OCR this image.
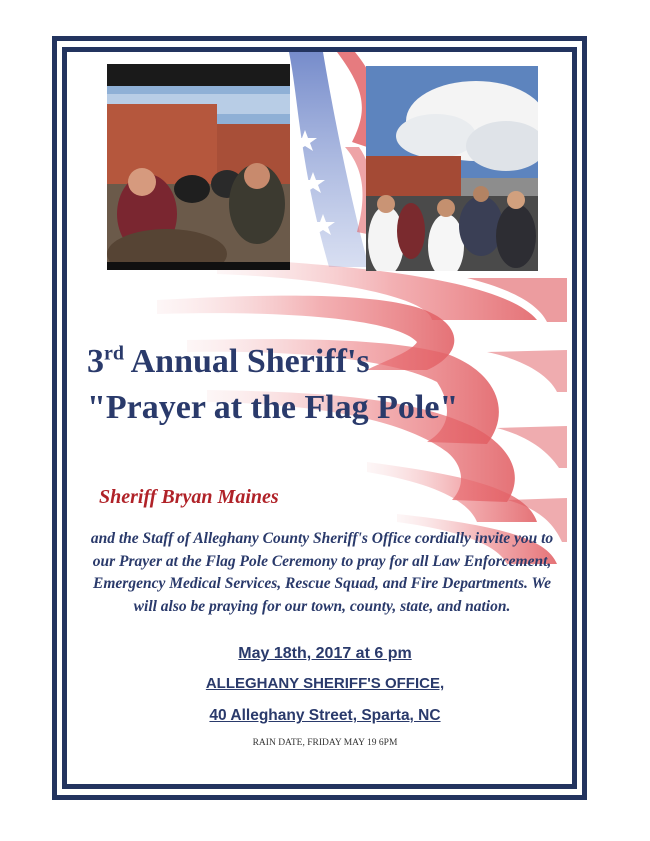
3rd Annual Sheriff's
"Prayer at the Flag Pole"
Sheriff Bryan Maines
and the Staff of Alleghany County Sheriff's Office cordially invite you to our Prayer at the Flag Pole Ceremony to pray for all Law Enforcement, Emergency Medical Services, Rescue Squad, and Fire Departments. We will also be praying for our town, county, state, and nation.
May 18th, 2017 at 6 pm
ALLEGHANY SHERIFF'S OFFICE,
40 Alleghany Street, Sparta, NC
RAIN DATE, FRIDAY MAY 19 6PM
